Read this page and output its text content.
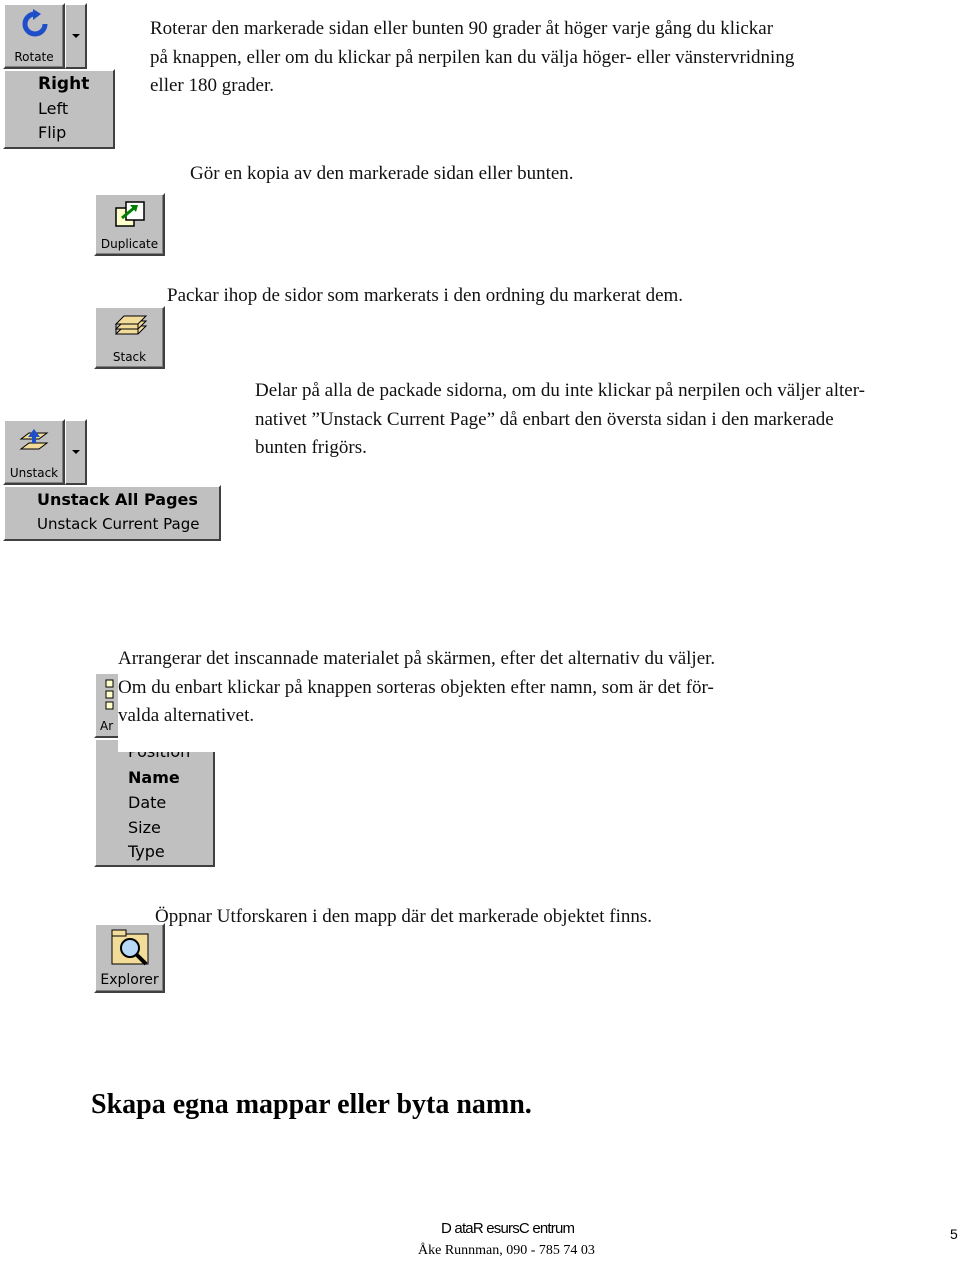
Rotate
Right
Left
Flip
Roterar den markerade sidan eller bunten 90 grader åt höger varje gång du klickar
på knappen, eller om du klickar på nerpilen kan du välja höger- eller vänstervridning
eller 180 grader.
Duplicate
Gör en kopia av den markerade sidan eller bunten.
Stack
Packar ihop de sidor som markerats i den ordning du markerat dem.
Unstack
Unstack All Pages
Unstack Current Page
Delar på alla de packade sidorna, om du inte klickar på nerpilen och väljer alter-
nativet ”Unstack Current Page” då enbart den översta sidan i den markerade
bunten frigörs.
Ar
Name
Date
Size
Type
Arrangerar det inscannade materialet på skärmen, efter det alternativ du väljer.
Om du enbart klickar på knappen sorteras objekten efter namn, som är det för-
valda alternativet.
Explorer
Öppnar Utforskaren i den mapp där det markerade objektet finns.
Skapa egna mappar eller byta namn.
D ataR esursC entrum
Åke Runnman, 090 - 785 74 03
5
